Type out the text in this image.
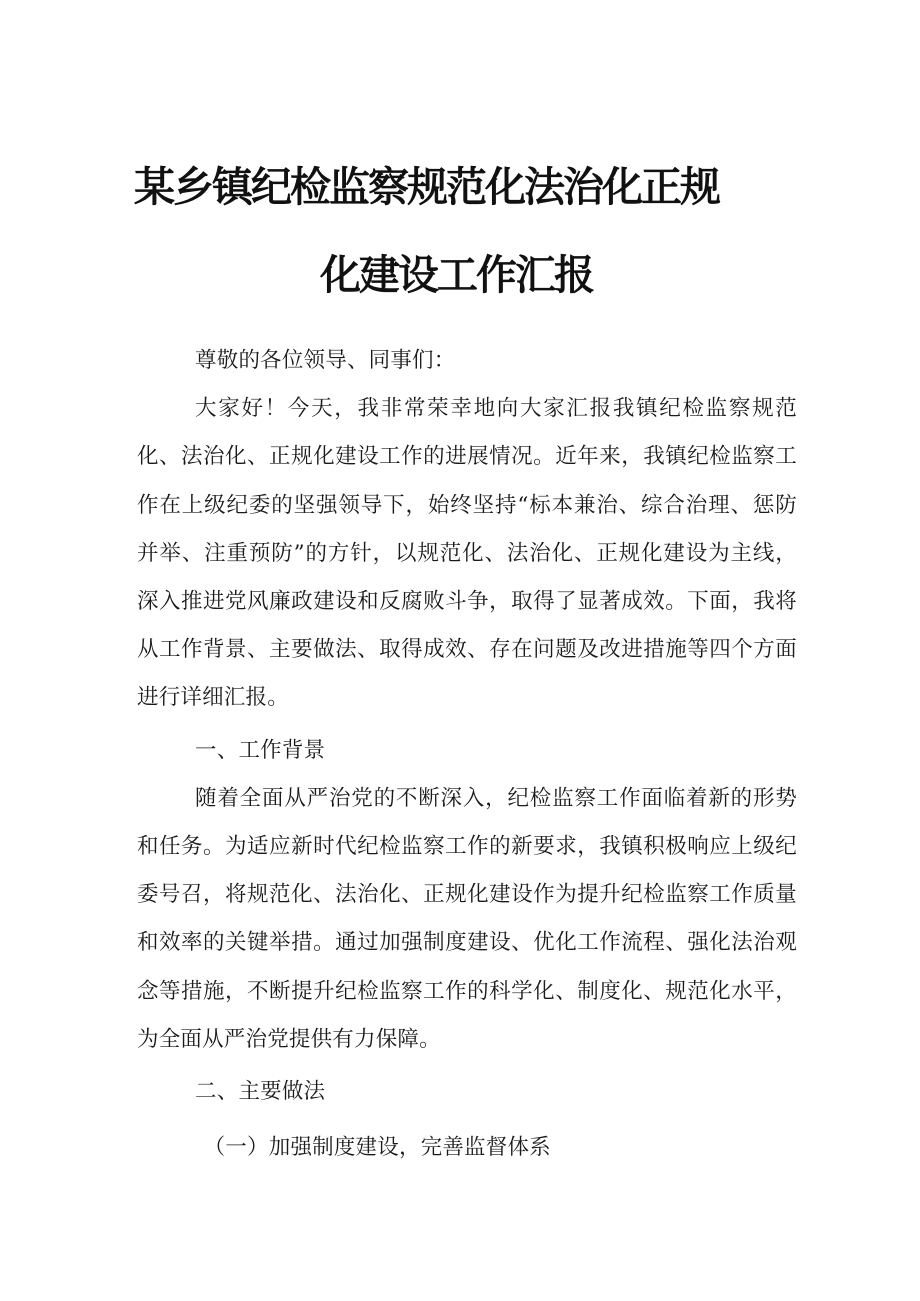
某乡镇纪检监察规范化法治化正规
化建设工作汇报

尊敬的各位领导、同事们：

大家好！今天，我非常荣幸地向大家汇报我镇纪检监察规范化、法治化、正规化建设工作的进展情况。近年来，我镇纪检监察工作在上级纪委的坚强领导下，始终坚持“标本兼治、综合治理、惩防并举、注重预防”的方针，以规范化、法治化、正规化建设为主线，深入推进党风廉政建设和反腐败斗争，取得了显著成效。下面，我将从工作背景、主要做法、取得成效、存在问题及改进措施等四个方面进行详细汇报。

一、工作背景

随着全面从严治党的不断深入，纪检监察工作面临着新的形势和任务。为适应新时代纪检监察工作的新要求，我镇积极响应上级纪委号召，将规范化、法治化、正规化建设作为提升纪检监察工作质量和效率的关键举措。通过加强制度建设、优化工作流程、强化法治观念等措施，不断提升纪检监察工作的科学化、制度化、规范化水平，为全面从严治党提供有力保障。

二、主要做法

（一）加强制度建设，完善监督体系
